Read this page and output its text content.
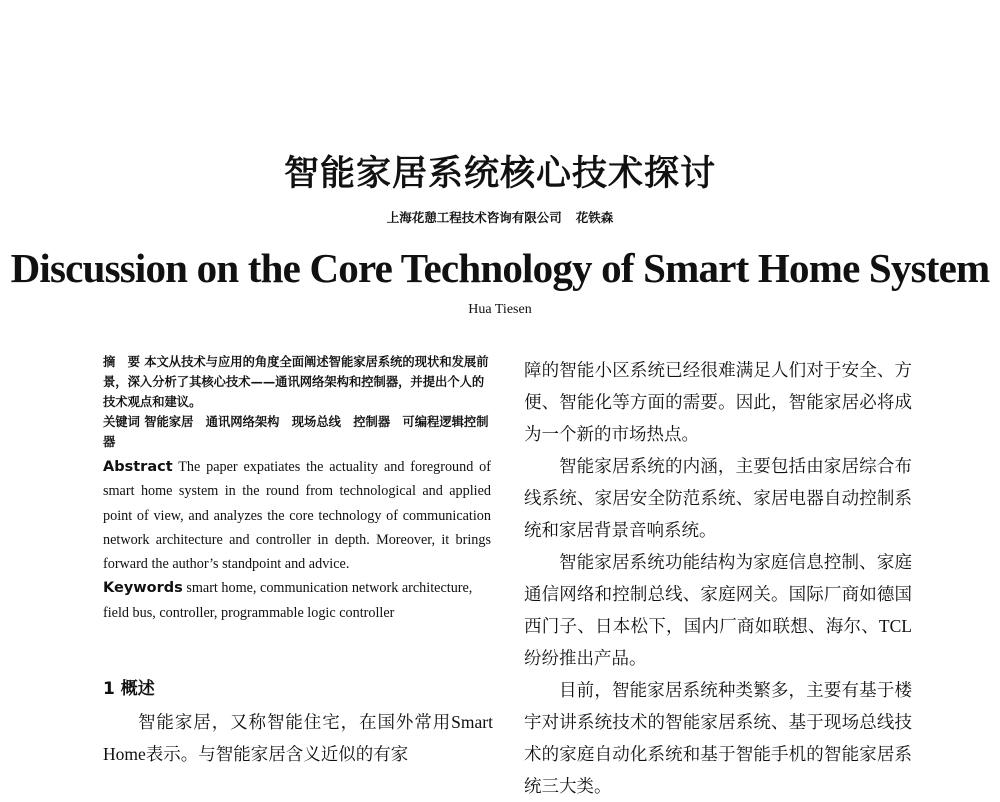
智能家居系统核心技术探讨
上海花憩工程技术咨询有限公司 花铁森
Discussion on the Core Technology of Smart Home System
Hua Tiesen
摘　要 本文从技术与应用的角度全面阐述智能家居系统的现状和发展前景，深入分析了其核心技术——通讯网络架构和控制器，并提出个人的技术观点和建议。
关键词 智能家居　通讯网络架构　现场总线　控制器　可编程逻辑控制器
Abstract The paper expatiates the actuality and foreground of smart home system in the round from technological and applied point of view, and analyzes the core technology of communication network architecture and controller in depth. Moreover, it brings forward the author’s standpoint and advice.
Keywords smart home, communication network architecture, field bus, controller, programmable logic controller
1 概述

智能家居，又称智能住宅，在国外常用Smart Home表示。与智能家居含义近似的有家

障的智能小区系统已经很难满足人们对于安全、方便、智能化等方面的需要。因此，智能家居必将成为一个新的市场热点。

智能家居系统的内涵，主要包括由家居综合布线系统、家居安全防范系统、家居电器自动控制系统和家居背景音响系统。

智能家居系统功能结构为家庭信息控制、家庭通信网络和控制总线、家庭网关。国际厂商如德国西门子、日本松下，国内厂商如联想、海尔、TCL纷纷推出产品。

目前，智能家居系统种类繁多，主要有基于楼宇对讲系统技术的智能家居系统、基于现场总线技术的家庭自动化系统和基于智能手机的智能家居系统三大类。
